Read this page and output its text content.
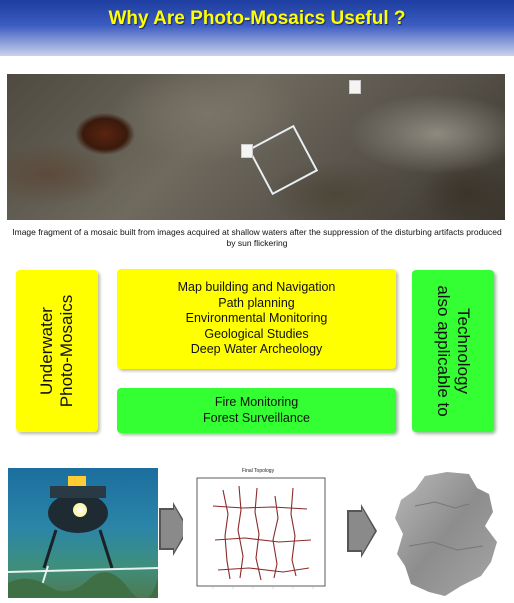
Why Are Photo-Mosaics Useful ?
Image fragment of a mosaic built from images acquired at shallow waters after the suppression of the disturbing artifacts produced by sun flickering
Underwater Photo-Mosaics
Map building and Navigation
Path planning
Environmental Monitoring
Geological Studies
Deep Water Archeology
Fire Monitoring
Forest Surveillance
Technology
also applicable to
Final Topology
